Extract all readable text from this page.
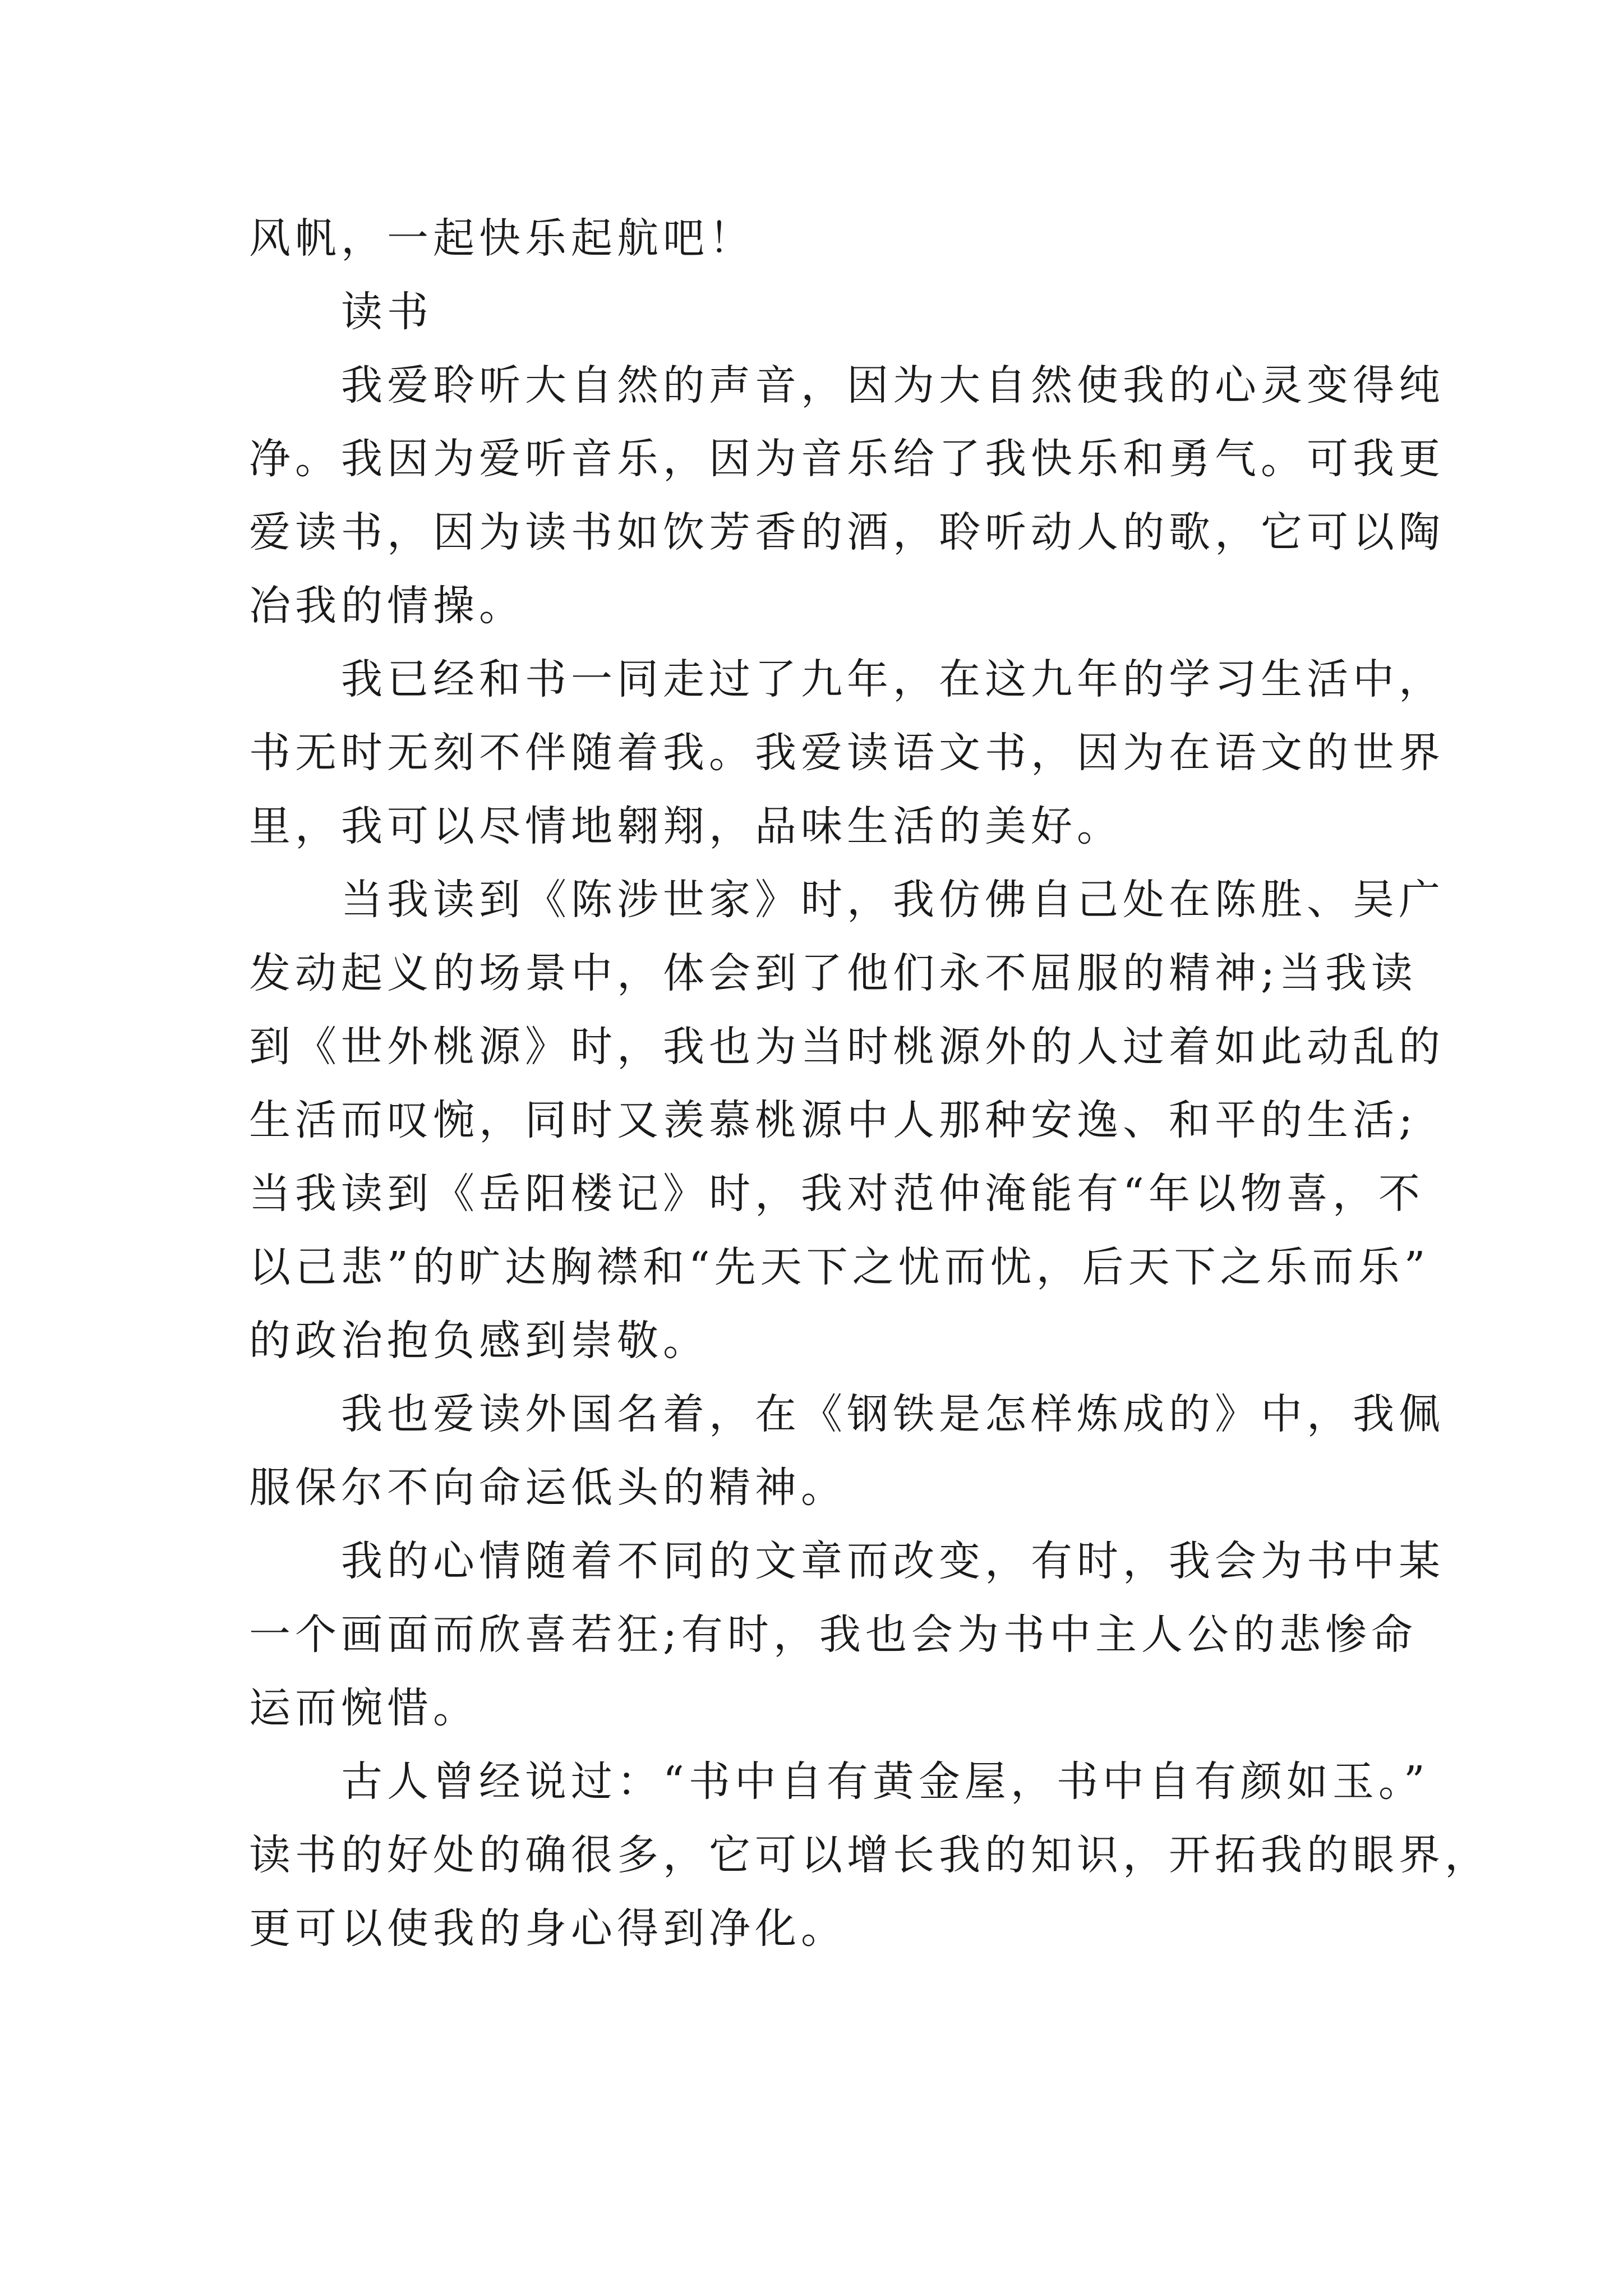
风帆，一起快乐起航吧！
读书
我爱聆听大自然的声音，因为大自然使我的心灵变得纯
净。我因为爱听音乐，因为音乐给了我快乐和勇气。可我更
爱读书，因为读书如饮芳香的酒，聆听动人的歌，它可以陶
冶我的情操。
我已经和书一同走过了九年，在这九年的学习生活中，
书无时无刻不伴随着我。我爱读语文书，因为在语文的世界
里，我可以尽情地翱翔，品味生活的美好。
当我读到《陈涉世家》时，我仿佛自己处在陈胜、吴广
发动起义的场景中，体会到了他们永不屈服的精神;当我读
到《世外桃源》时，我也为当时桃源外的人过着如此动乱的
生活而叹惋，同时又羡慕桃源中人那种安逸、和平的生活;
当我读到《岳阳楼记》时，我对范仲淹能有“年以物喜，不
以己悲”的旷达胸襟和“先天下之忧而忧，后天下之乐而乐”
的政治抱负感到崇敬。
我也爱读外国名着，在《钢铁是怎样炼成的》中，我佩
服保尔不向命运低头的精神。
我的心情随着不同的文章而改变，有时，我会为书中某
一个画面而欣喜若狂;有时，我也会为书中主人公的悲惨命
运而惋惜。
古人曾经说过：“书中自有黄金屋，书中自有颜如玉。”
读书的好处的确很多，它可以增长我的知识，开拓我的眼界，
更可以使我的身心得到净化。
